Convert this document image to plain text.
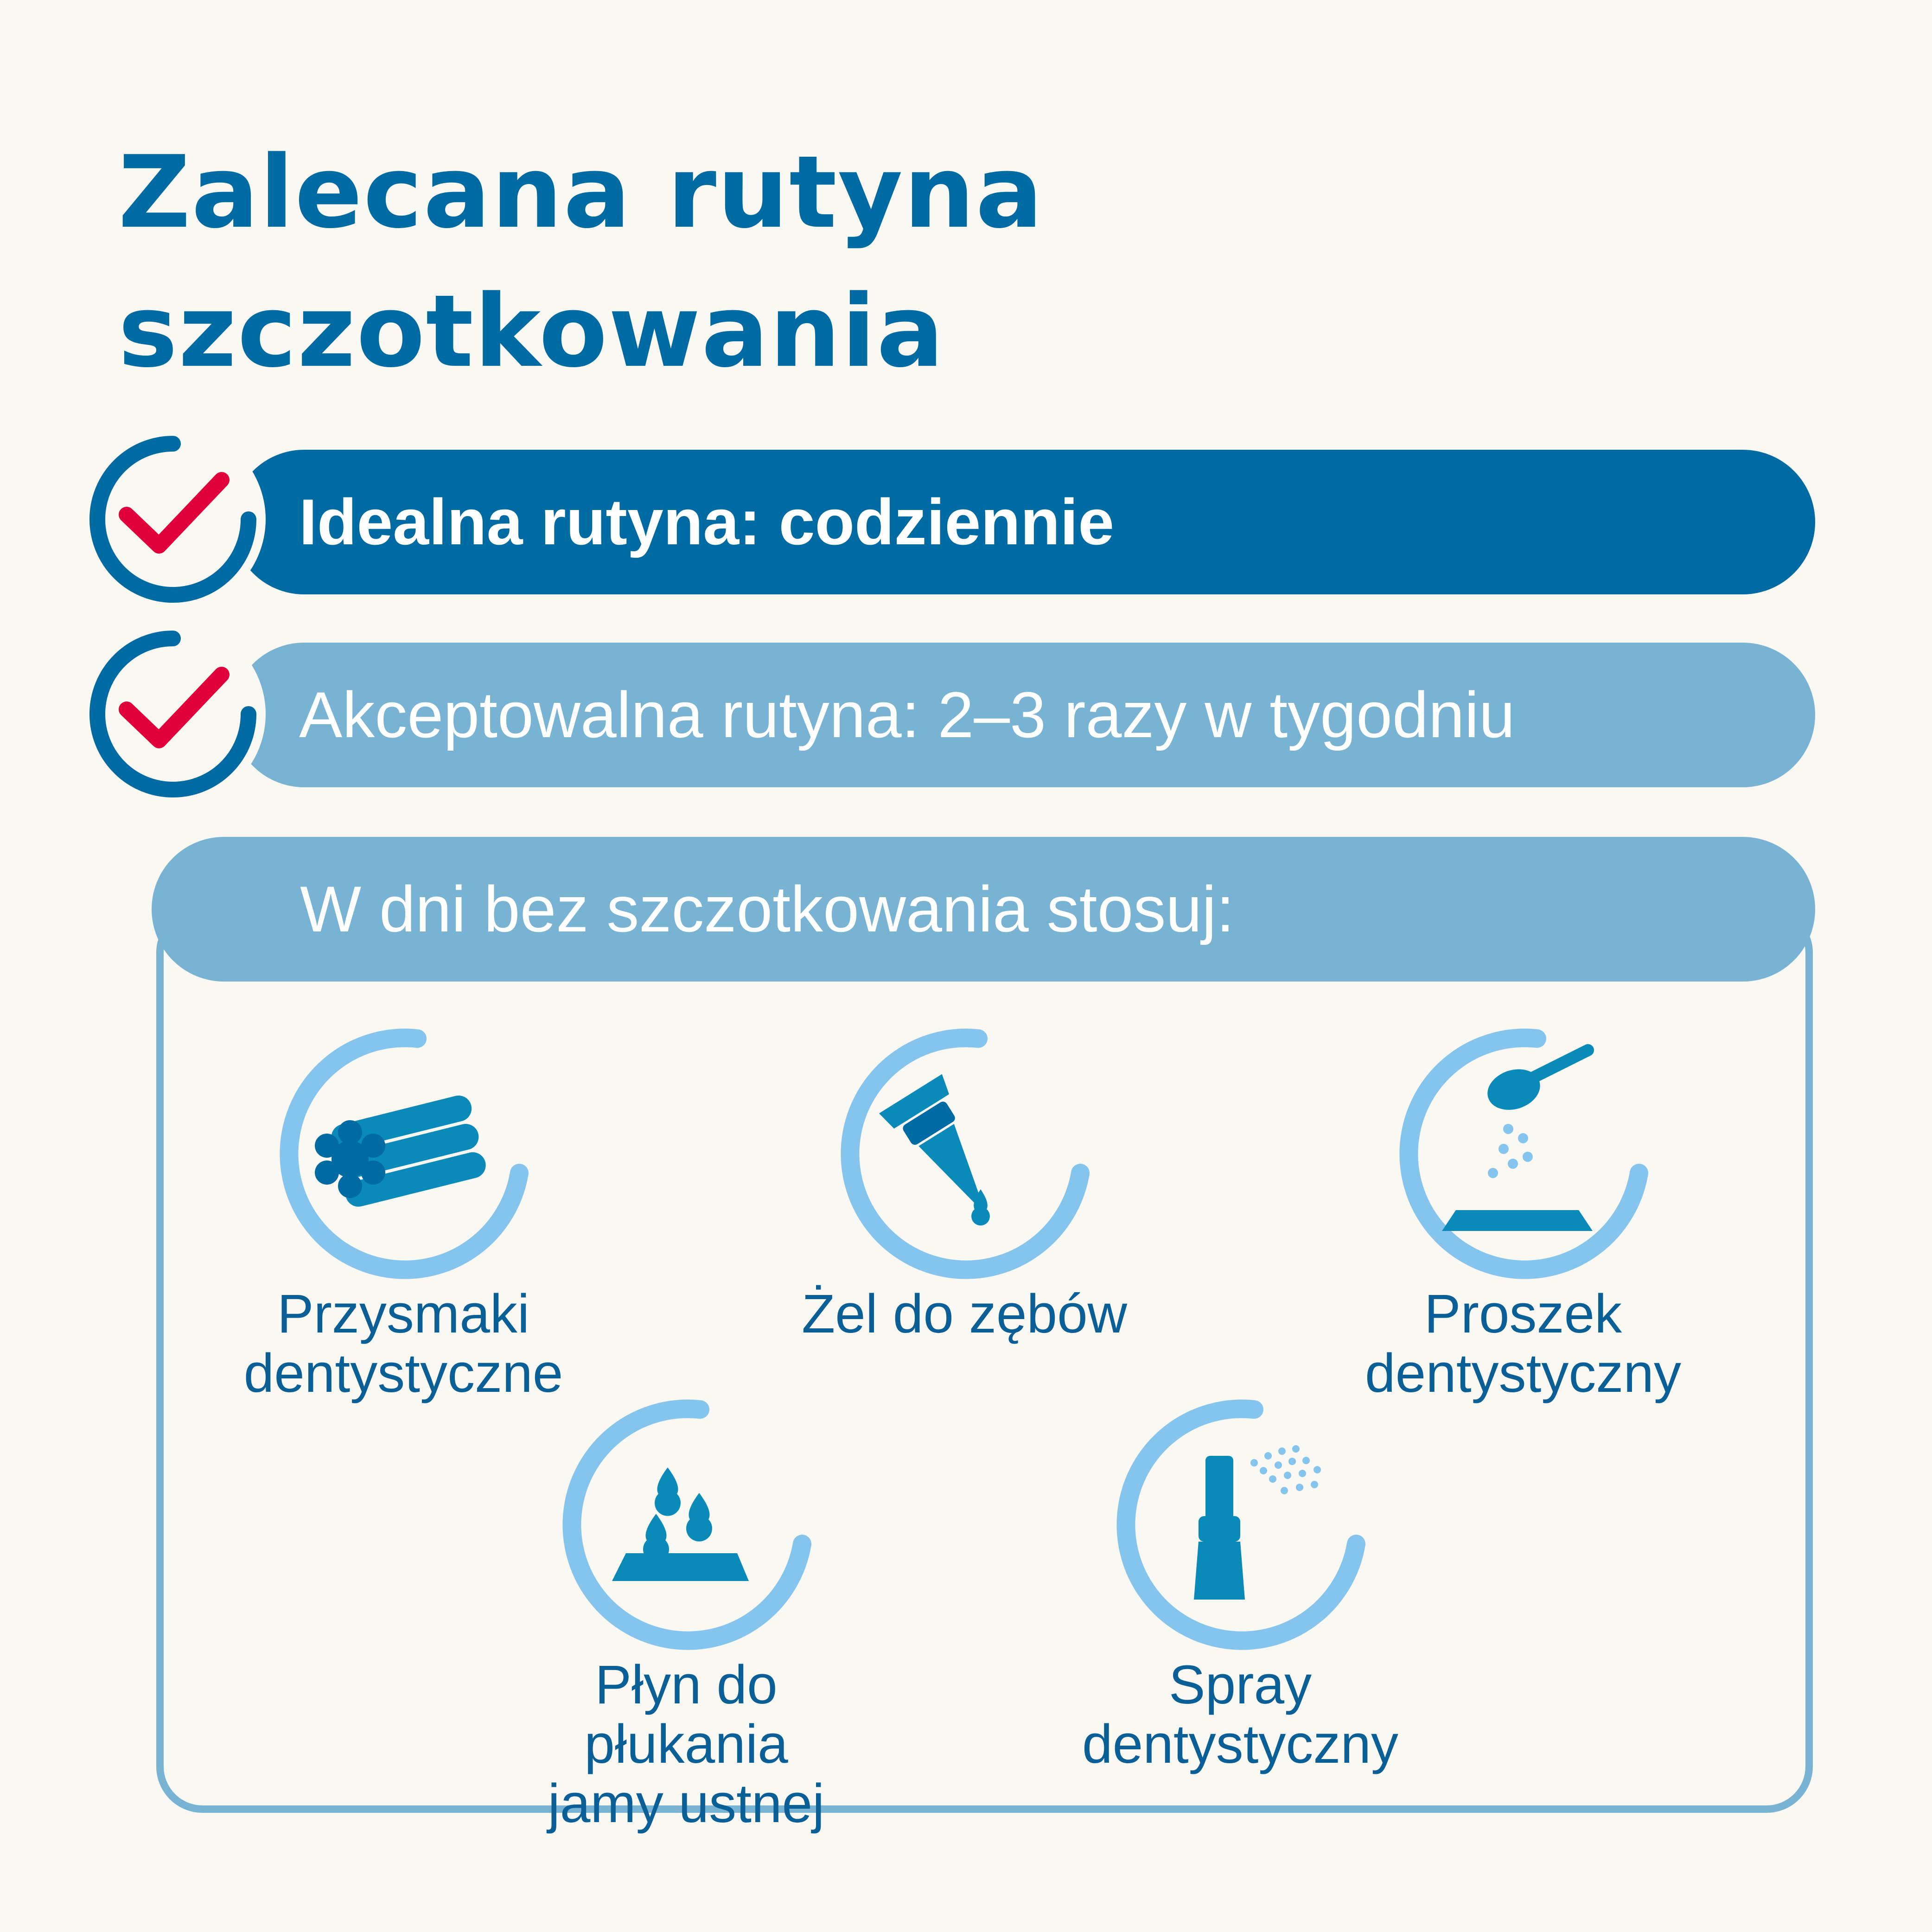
Zalecana rutyna
szczotkowania
Idealna rutyna: codziennie
Akceptowalna rutyna: 2–3 razy w tygodniu
W dni bez szczotkowania stosuj:
Przysmaki
dentystyczne
Żel do zębów	Proszek
dentystyczny
Płyn do płukania
jamy ustnej
Spray
dentystyczny
